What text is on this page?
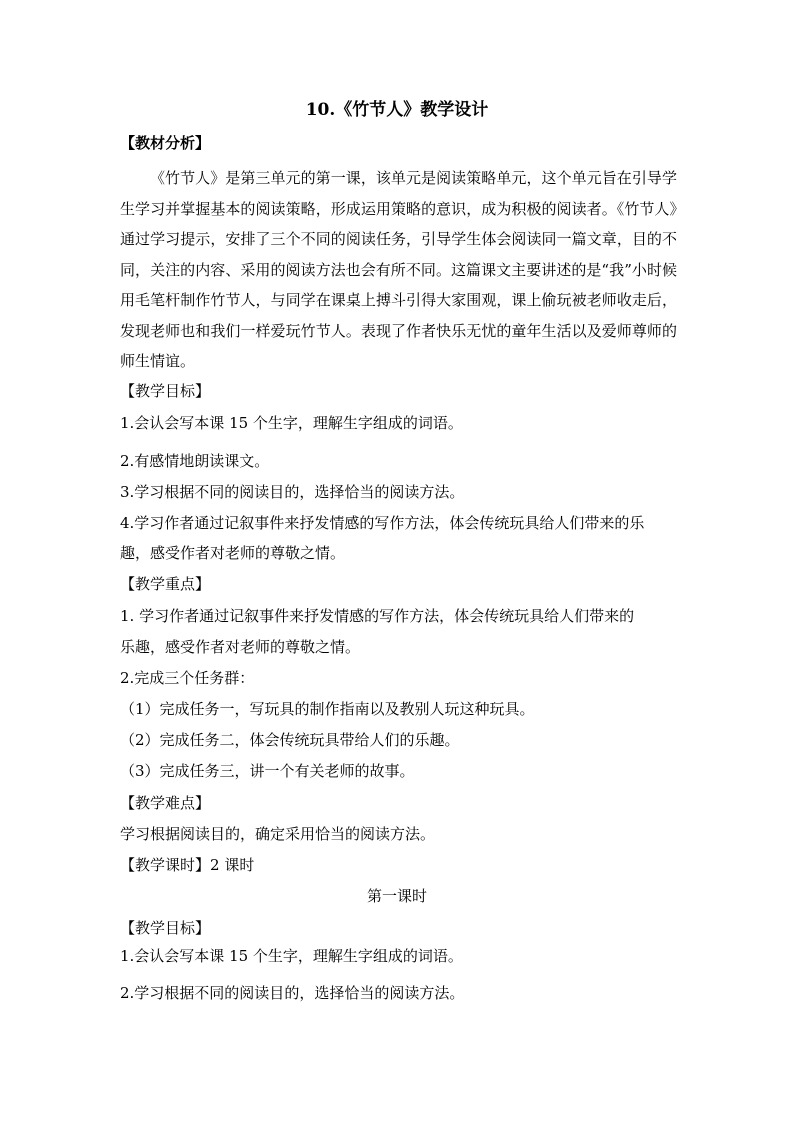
10.《竹节人》教学设计
【教材分析】

《竹节人》是第三单元的第一课，该单元是阅读策略单元，这个单元旨在引导学生学习并掌握基本的阅读策略，形成运用策略的意识，成为积极的阅读者。《竹节人》通过学习提示，安排了三个不同的阅读任务，引导学生体会阅读同一篇文章，目的不同，关注的内容、采用的阅读方法也会有所不同。这篇课文主要讲述的是“我”小时候用毛笔杆制作竹节人，与同学在课桌上搏斗引得大家围观，课上偷玩被老师收走后，发现老师也和我们一样爱玩竹节人。表现了作者快乐无忧的童年生活以及爱师尊师的师生情谊。

【教学目标】
1.会认会写本课 15 个生字，理解生字组成的词语。
2.有感情地朗读课文。
3.学习根据不同的阅读目的，选择恰当的阅读方法。
4.学习作者通过记叙事件来抒发情感的写作方法，体会传统玩具给人们带来的乐
趣，感受作者对老师的尊敬之情。
【教学重点】
1. 学习作者通过记叙事件来抒发情感的写作方法，体会传统玩具给人们带来的
乐趣，感受作者对老师的尊敬之情。
2.完成三个任务群：
（1）完成任务一，写玩具的制作指南以及教别人玩这种玩具。
（2）完成任务二，体会传统玩具带给人们的乐趣。
（3）完成任务三，讲一个有关老师的故事。
【教学难点】
学习根据阅读目的，确定采用恰当的阅读方法。
【教学课时】2 课时
第一课时
【教学目标】
1.会认会写本课 15 个生字，理解生字组成的词语。
2.学习根据不同的阅读目的，选择恰当的阅读方法。
